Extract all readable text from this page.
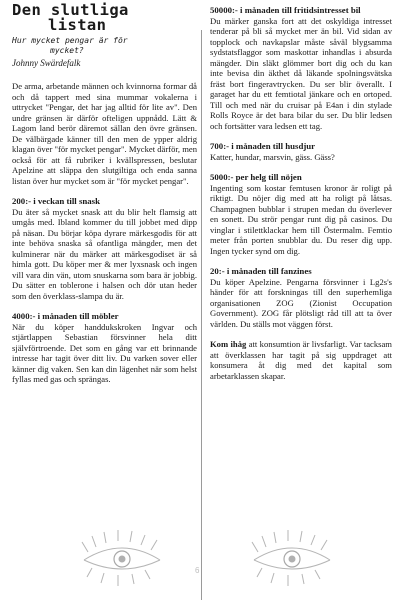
Den slutliga
listan
Hur mycket pengar är för
mycket?
Johnny Swärdefalk

De arma, arbetande männen och kvinnorna formar då och då tappert med sina mummar vokalerna i uttrycket "Pengar, det har jag alltid för lite av". Den undre gränsen är därför ofteligen uppnådd. Lätt & Lagom land berör däremot sällan den övre gränsen. De välbärgade känner till den men de ypper aldrig klagan över "för mycket pengar". Mycket därför, men också för att få rubriker i kvällspressen, beslutar Apelzine att släppa den slutgiltiga och enda sanna listan över hur mycket som är "för mycket pengar".

200:- i veckan till snask

Du äter så mycket snask att du blir helt flamsig att umgås med. Ibland kommer du till jobbet med dipp på näsan. Du börjar köpa dyrare märkesgodis för att inte behöva snaska så ofantliga mängder, men det kulminerar när du märker att märkesgodiset är så himla gott. Du köper mer & mer lyxsnask och ingen vill vara din vän, utom snuskarna som bara är jobbig. Du sätter en toblerone i halsen och dör utan heder som den överklass-slampa du är.

4000:- i månaden till möbler

När du köper handdukskroken Ingvar och stjärtlappen Sebastian försvinner hela ditt självförtroende. Det som en gång var ett brinnande intresse har tagit över ditt liv. Du varken sover eller känner dig vaken. Sen kan din lägenhet när som helst fyllas med gas och sprängas.

50000:- i månaden till fritidsintresset bil

Du märker ganska fort att det oskyldiga intresset tenderar på bli så mycket mer än bil. Vid sidan av topplock och navkapslar måste såväl blygsamma sydstatsflaggor som maskottar inhandlas i absurda mängder. Din släkt glömmer bort dig och du kan inte bevisa din äkthet då läkande spolningsvätska fräst bort fingeravtrycken. Du ser blir överallt. I garaget har du ett femtiotal jänkare och en ortoped. Till och med när du cruisar på E4an i din stylade Rolls Royce är det bara bilar du ser. Du blir ledsen och fortsätter vara ledsen ett tag.

700:- i månaden till husdjur

Katter, hundar, marsvin, gäss. Gäss?

5000:- per helg till nöjen

Ingenting som kostar femtusen kronor är roligt på riktigt. Du nöjer dig med att ha roligt på låtsas. Champagnen bubblar i strupen medan du överlever en sonett. Du strör pengar runt dig på casinos. Du vinglar i stilettklackar hem till Östermalm. Femtio meter från porten snubblar du. Du reser dig upp. Ingen tycker synd om dig.

20:- i månaden till fanzines

Du köper Apelzine. Pengarna försvinner i Lg2s's händer för att forskningas till den superhemliga organisationen ZOG (Zionist Occupation Government). ZOG får plötsligt råd till att ta över världen. Du ställs mot väggen först.

Kom ihåg att konsumtion är livsfarligt. Var tacksam att överklassen har tagit på sig uppdraget att konsumera åt dig med det kapital som arbetarklassen skapar.

6
